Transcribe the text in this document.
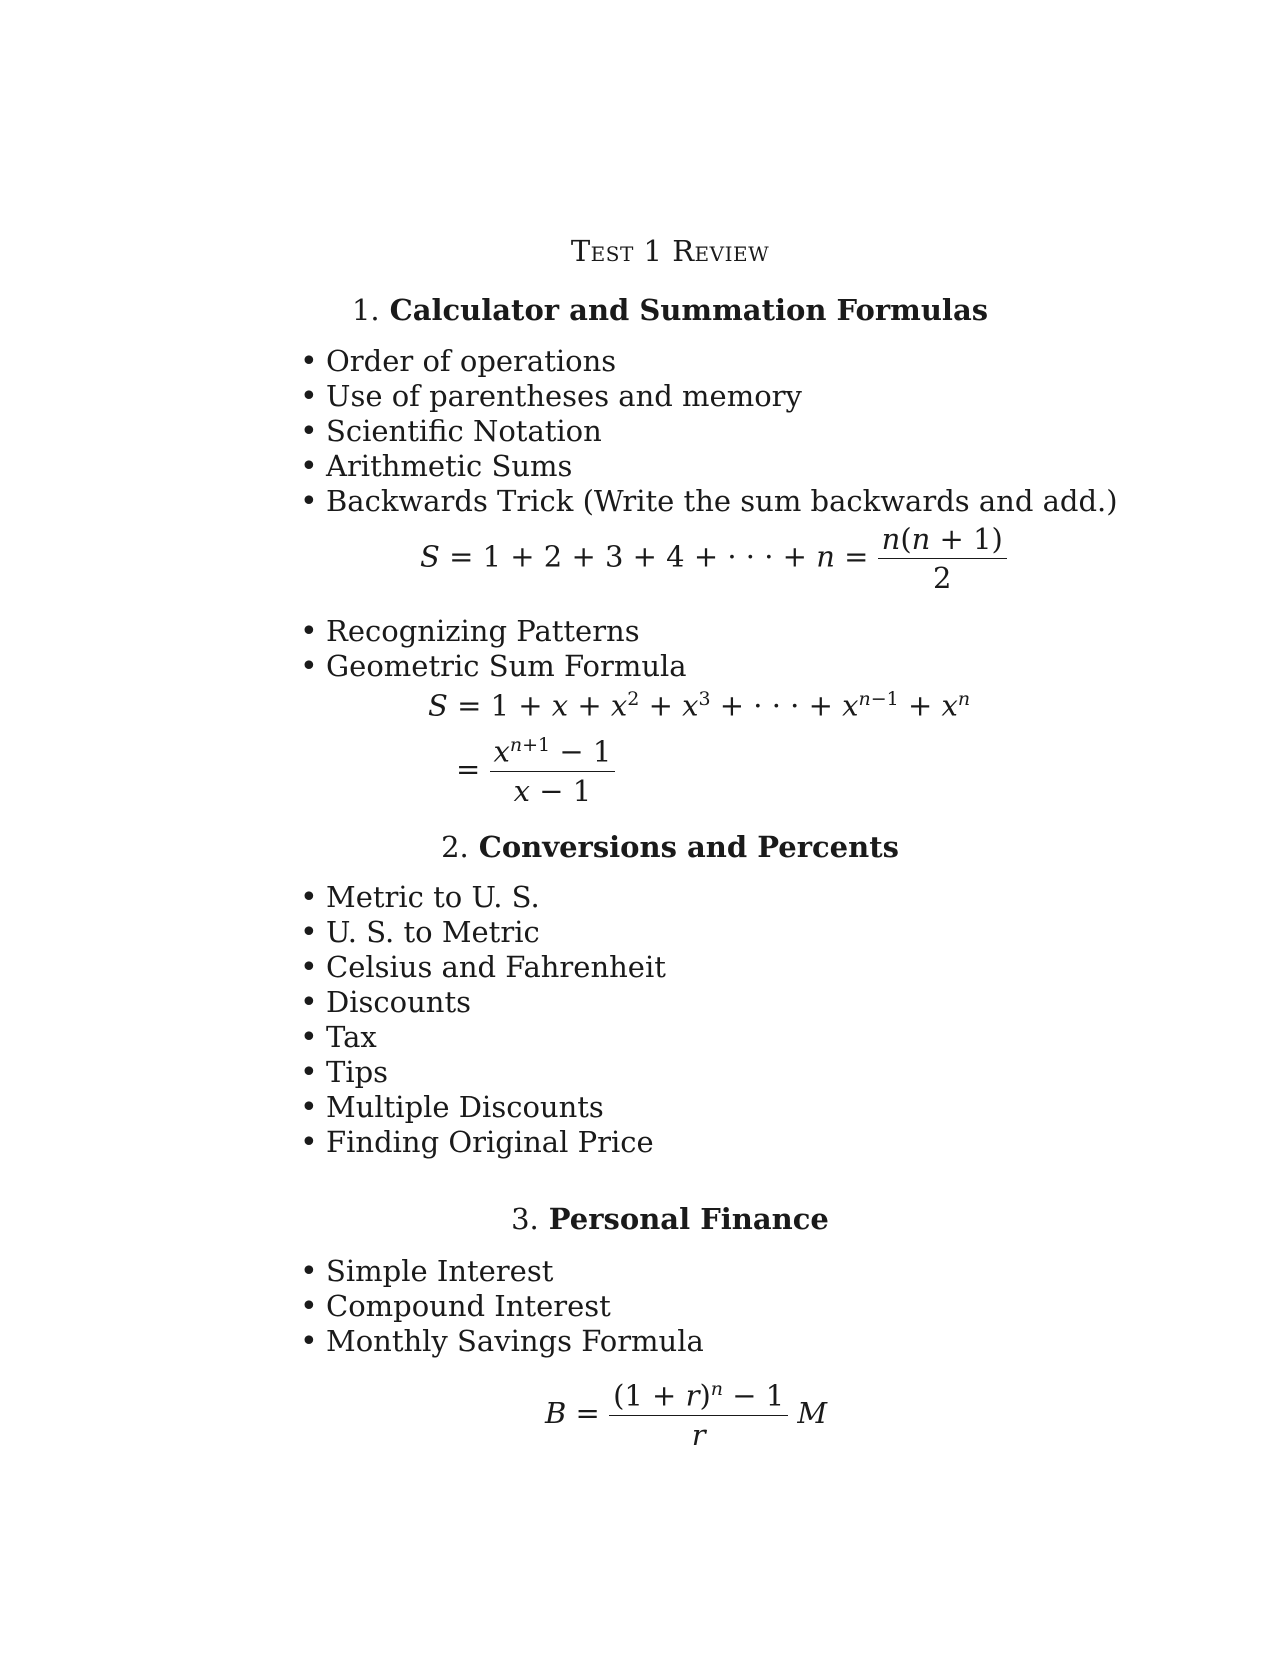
Test 1 Review
1. Calculator and Summation Formulas
• Order of operations
• Use of parentheses and memory
• Scientific Notation
• Arithmetic Sums
• Backwards Trick (Write the sum backwards and add.)
S = 1 + 2 + 3 + 4 + · · · + $n = \frac{n(n + 1)}{2}$
• Recognizing Patterns
• Geometric Sum Formula
$S = 1 + x + x^2 + x^3$ + · · · + $x^{n-1} + x^n$
= $\frac{x^{n+1} - 1}{x - 1}$
2. Conversions and Percents
• Metric to U. S.
• U. S. to Metric
• Celsius and Fahrenheit
• Discounts
• Tax
• Tips
• Multiple Discounts
• Finding Original Price
3. Personal Finance
• Simple Interest
• Compound Interest
• Monthly Savings Formula
$B = \frac{(1 + r)^n - 1}{r}$ M
